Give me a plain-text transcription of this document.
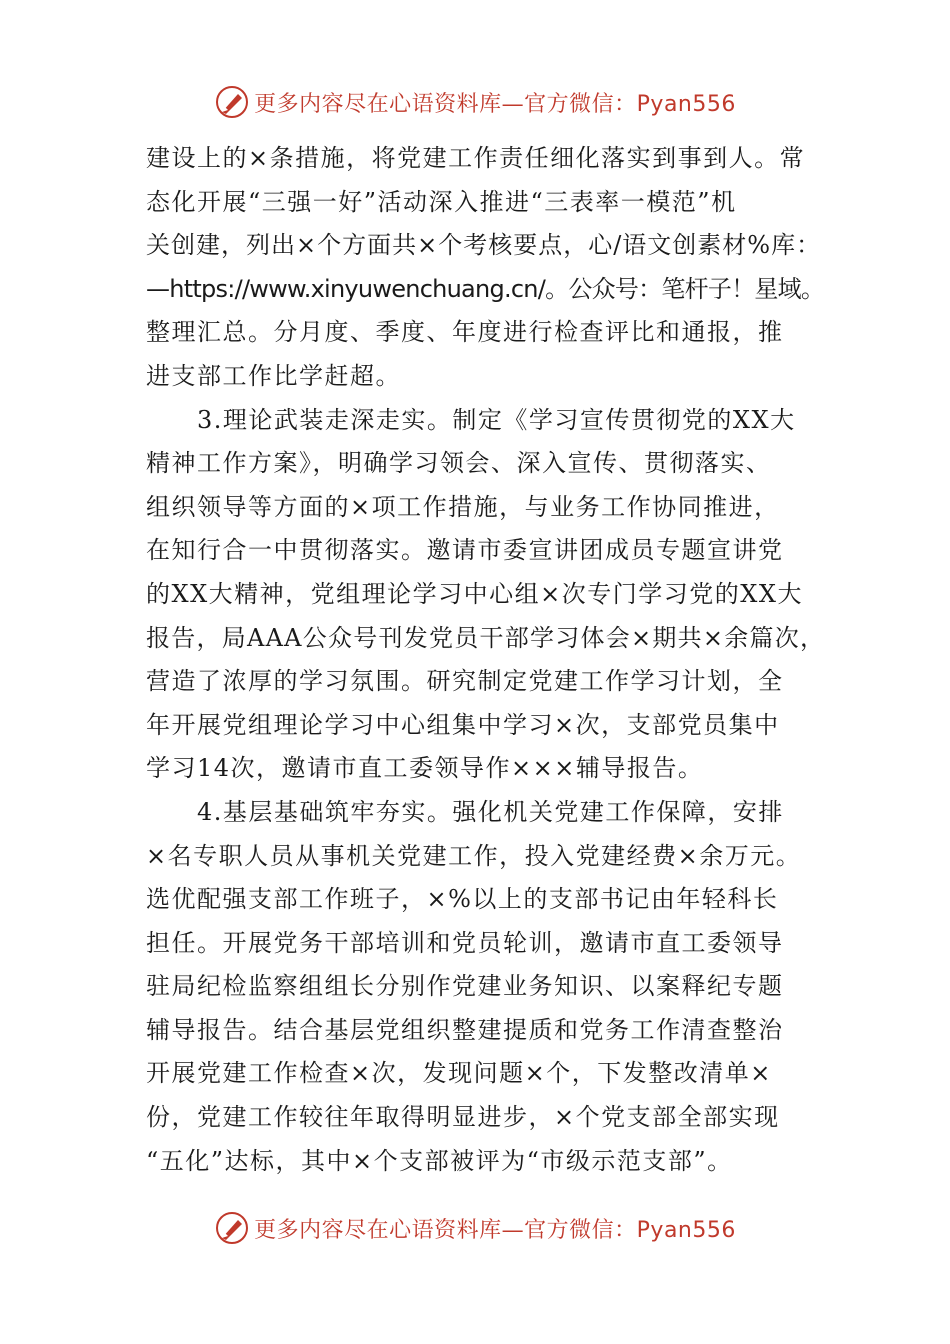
更多内容尽在心语资料库—官方微信：Pyan556
建设上的×条措施，将党建工作责任细化落实到事到人。常
态化开展“三强一好”活动深入推进“三表率一模范”机
关创建，列出×个方面共×个考核要点，心/语文创素材%库：
—https://www.xinyuwenchuang.cn/。公众号：笔杆子！星域。
整理汇总。分月度、季度、年度进行检查评比和通报，推
进支部工作比学赶超。
　　3.理论武装走深走实。制定《学习宣传贯彻党的XX大
精神工作方案》，明确学习领会、深入宣传、贯彻落实、
组织领导等方面的×项工作措施，与业务工作协同推进，
在知行合一中贯彻落实。邀请市委宣讲团成员专题宣讲党
的XX大精神，党组理论学习中心组×次专门学习党的XX大
报告，局AAA公众号刊发党员干部学习体会×期共×余篇次，
营造了浓厚的学习氛围。研究制定党建工作学习计划，全
年开展党组理论学习中心组集中学习×次，支部党员集中
学习14次，邀请市直工委领导作×××辅导报告。
　　4.基层基础筑牢夯实。强化机关党建工作保障，安排
×名专职人员从事机关党建工作，投入党建经费×余万元。
选优配强支部工作班子，×%以上的支部书记由年轻科长
担任。开展党务干部培训和党员轮训，邀请市直工委领导
驻局纪检监察组组长分别作党建业务知识、以案释纪专题
辅导报告。结合基层党组织整建提质和党务工作清查整治
开展党建工作检查×次，发现问题×个，下发整改清单×
份，党建工作较往年取得明显进步，×个党支部全部实现
“五化”达标，其中×个支部被评为“市级示范支部”。
更多内容尽在心语资料库—官方微信：Pyan556
